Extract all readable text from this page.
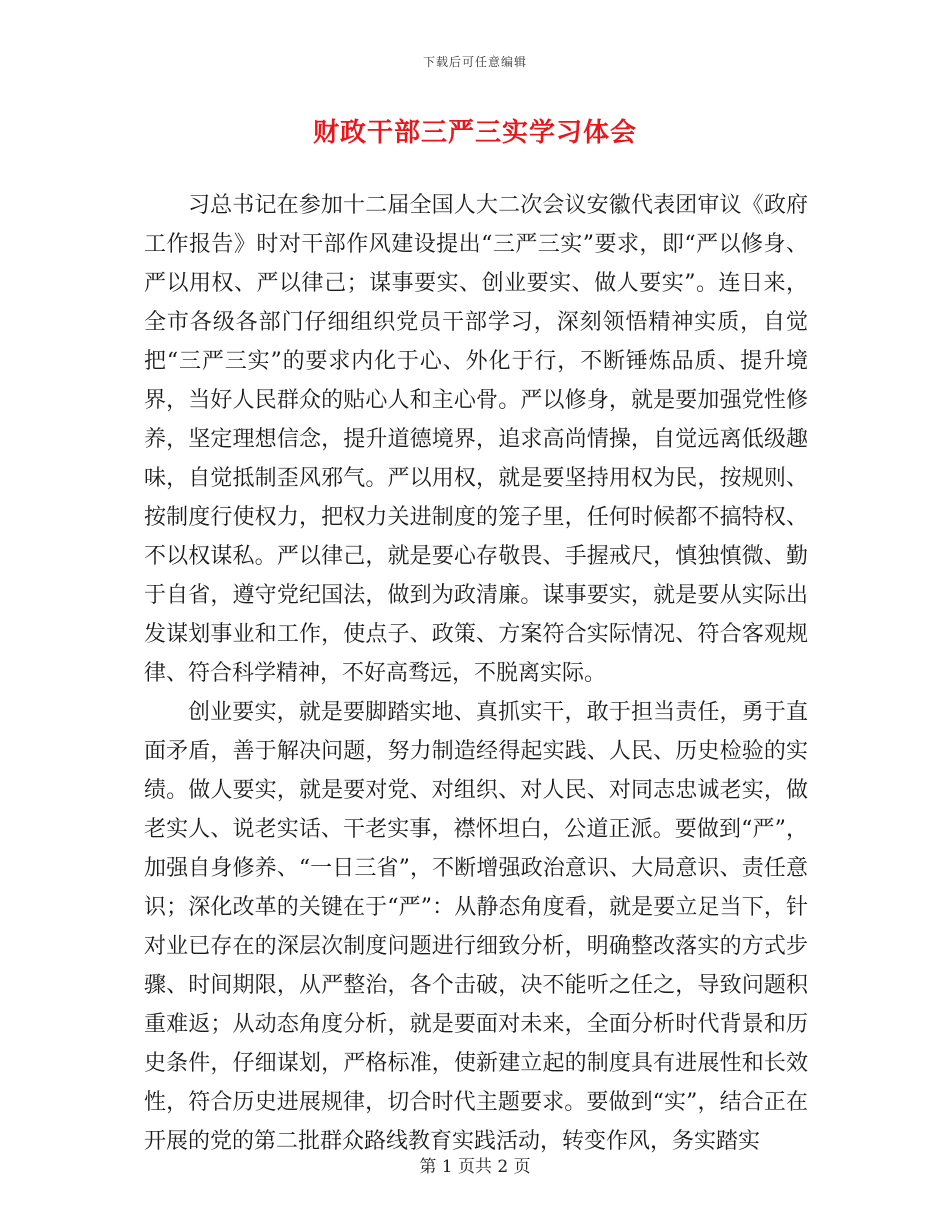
下载后可任意编辑
财政干部三严三实学习体会

习总书记在参加十二届全国人大二次会议安徽代表团审议《政府工作报告》时对干部作风建设提出“三严三实”要求，即“严以修身、严以用权、严以律己；谋事要实、创业要实、做人要实”。连日来，全市各级各部门仔细组织党员干部学习，深刻领悟精神实质，自觉把“三严三实”的要求内化于心、外化于行，不断锤炼品质、提升境界，当好人民群众的贴心人和主心骨。严以修身，就是要加强党性修养，坚定理想信念，提升道德境界，追求高尚情操，自觉远离低级趣味，自觉抵制歪风邪气。严以用权，就是要坚持用权为民，按规则、按制度行使权力，把权力关进制度的笼子里，任何时候都不搞特权、不以权谋私。严以律己，就是要心存敬畏、手握戒尺，慎独慎微、勤于自省，遵守党纪国法，做到为政清廉。谋事要实，就是要从实际出发谋划事业和工作，使点子、政策、方案符合实际情况、符合客观规律、符合科学精神，不好高骛远，不脱离实际。

创业要实，就是要脚踏实地、真抓实干，敢于担当责任，勇于直面矛盾，善于解决问题，努力制造经得起实践、人民、历史检验的实绩。做人要实，就是要对党、对组织、对人民、对同志忠诚老实，做老实人、说老实话、干老实事，襟怀坦白，公道正派。要做到“严”，加强自身修养、“一日三省”，不断增强政治意识、大局意识、责任意识；深化改革的关键在于“严”：从静态角度看，就是要立足当下，针对业已存在的深层次制度问题进行细致分析，明确整改落实的方式步骤、时间期限，从严整治，各个击破，决不能听之任之，导致问题积重难返；从动态角度分析，就是要面对未来，全面分析时代背景和历史条件，仔细谋划，严格标准，使新建立起的制度具有进展性和长效性，符合历史进展规律，切合时代主题要求。要做到“实”，结合正在开展的党的第二批群众路线教育实践活动，转变作风，务实踏实

第 1 页共 2 页
